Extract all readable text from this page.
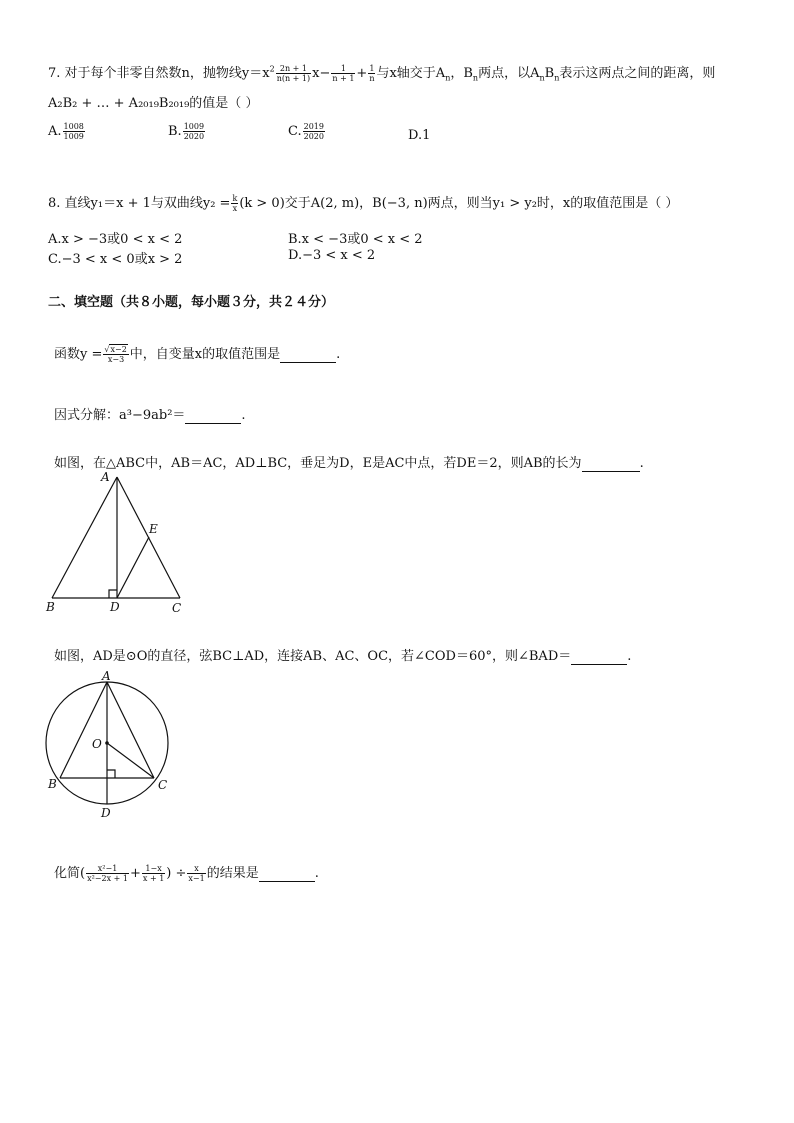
7. 对于每个非零自然数n，抛物线$y=x^2 \frac{2n + 1}{n(n + 1)} x- \frac{1}{n + 1} + \frac{1}{n}$ 与x轴交于$A_n$，$B_n$两点，以$A_nB_n$表示这两点之间的距离，则
A₂B₂ + … + A₂₀₁₉B₂₀₁₉的值是（ ）
A. $\frac{1008}{1009}$	B. $\frac{1009}{2020}$	C. $\frac{2019}{2020}$	D.1
8. 直线y₁＝x + 1与双曲线$y_2 = \frac{k}{x} (k > 0)$交于A(2, m)，B(−3, n)两点，则当y₁ > y₂时，x的取值范围是（ ）
A.x > −3或0 < x < 2	B.x < −3或0 < x < 2
C.−3 < x < 0或x > 2	D.−3 < x < 2
二、填空题（共８小题，每小题３分，共２４分）
函数$y = \frac{√x-2}{x-3}$ 中，自变量x的取值范围是	.
因式分解：a³−9ab²＝	.
如图，在△ABC中，AB＝AC，AD⊥BC，垂足为D，E是AC中点，若DE＝2，则AB的长为	.
A
B	C
D
E
如图，AD是⊙O的直径，弦BC⊥AD，连接AB、AC、OC，若∠COD＝60°，则∠BAD＝	.
A
O
B	C
D
化简( $\frac{\text{x²−1}}{\text{x²−2x + 1}} + \frac{1-x}{x + 1}$ ) ÷ $\frac{x}{x-1}$ 的结果是	.
